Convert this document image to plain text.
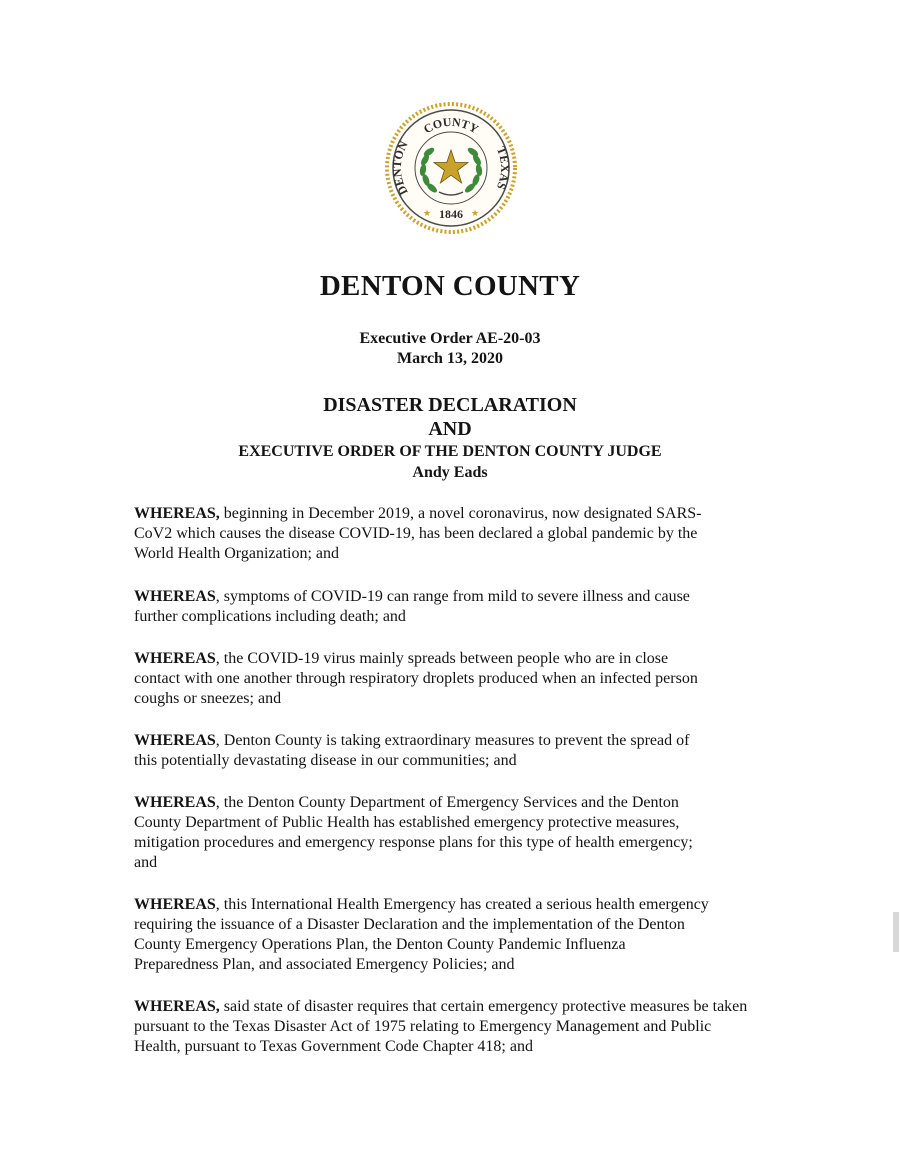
COUNTY
DENTON	TEXAS
1846
★	★
DENTON COUNTY
Executive Order AE-20-03
March 13, 2020
DISASTER DECLARATION
AND
EXECUTIVE ORDER OF THE DENTON COUNTY JUDGE
Andy Eads
WHEREAS, beginning in December 2019, a novel coronavirus, now designated SARS-
CoV2 which causes the disease COVID-19, has been declared a global pandemic by the
World Health Organization; and
WHEREAS, symptoms of COVID-19 can range from mild to severe illness and cause
further complications including death; and
WHEREAS, the COVID-19 virus mainly spreads between people who are in close
contact with one another through respiratory droplets produced when an infected person
coughs or sneezes; and
WHEREAS, Denton County is taking extraordinary measures to prevent the spread of
this potentially devastating disease in our communities; and
WHEREAS, the Denton County Department of Emergency Services and the Denton
County Department of Public Health has established emergency protective measures,
mitigation procedures and emergency response plans for this type of health emergency;
and
WHEREAS, this International Health Emergency has created a serious health emergency
requiring the issuance of a Disaster Declaration and the implementation of the Denton
County Emergency Operations Plan, the Denton County Pandemic Influenza
Preparedness Plan, and associated Emergency Policies; and
WHEREAS, said state of disaster requires that certain emergency protective measures be taken
pursuant to the Texas Disaster Act of 1975 relating to Emergency Management and Public
Health, pursuant to Texas Government Code Chapter 418; and
